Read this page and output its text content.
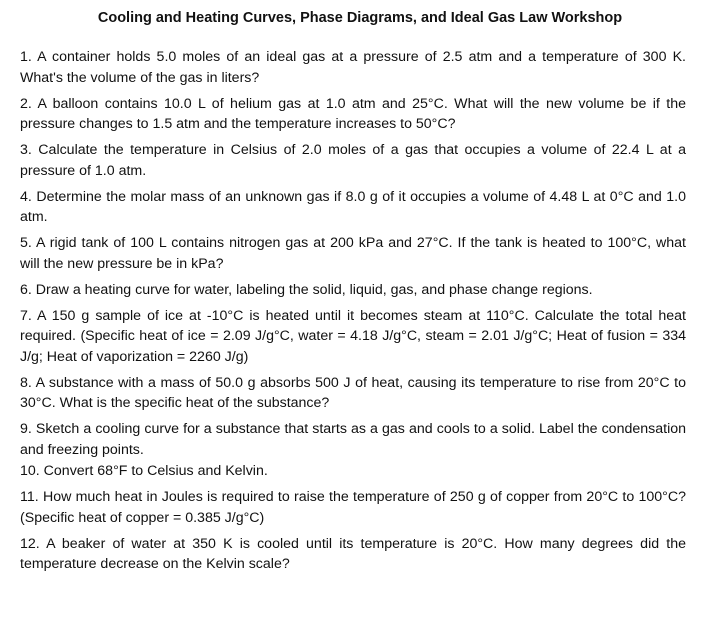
Cooling and Heating Curves, Phase Diagrams, and Ideal Gas Law Workshop
1. A container holds 5.0 moles of an ideal gas at a pressure of 2.5 atm and a temperature of 300 K. What's the volume of the gas in liters?
2. A balloon contains 10.0 L of helium gas at 1.0 atm and 25°C. What will the new volume be if the pressure changes to 1.5 atm and the temperature increases to 50°C?
3. Calculate the temperature in Celsius of 2.0 moles of a gas that occupies a volume of 22.4 L at a pressure of 1.0 atm.
4. Determine the molar mass of an unknown gas if 8.0 g of it occupies a volume of 4.48 L at 0°C and 1.0 atm.
5. A rigid tank of 100 L contains nitrogen gas at 200 kPa and 27°C. If the tank is heated to 100°C, what will the new pressure be in kPa?
6. Draw a heating curve for water, labeling the solid, liquid, gas, and phase change regions.
7. A 150 g sample of ice at -10°C is heated until it becomes steam at 110°C. Calculate the total heat required. (Specific heat of ice = 2.09 J/g°C, water = 4.18 J/g°C, steam = 2.01 J/g°C; Heat of fusion = 334 J/g; Heat of vaporization = 2260 J/g)
8. A substance with a mass of 50.0 g absorbs 500 J of heat, causing its temperature to rise from 20°C to 30°C. What is the specific heat of the substance?
9. Sketch a cooling curve for a substance that starts as a gas and cools to a solid. Label the condensation and freezing points.
10. Convert 68°F to Celsius and Kelvin.
11. How much heat in Joules is required to raise the temperature of 250 g of copper from 20°C to 100°C? (Specific heat of copper = 0.385 J/g°C)
12. A beaker of water at 350 K is cooled until its temperature is 20°C. How many degrees did the temperature decrease on the Kelvin scale?
